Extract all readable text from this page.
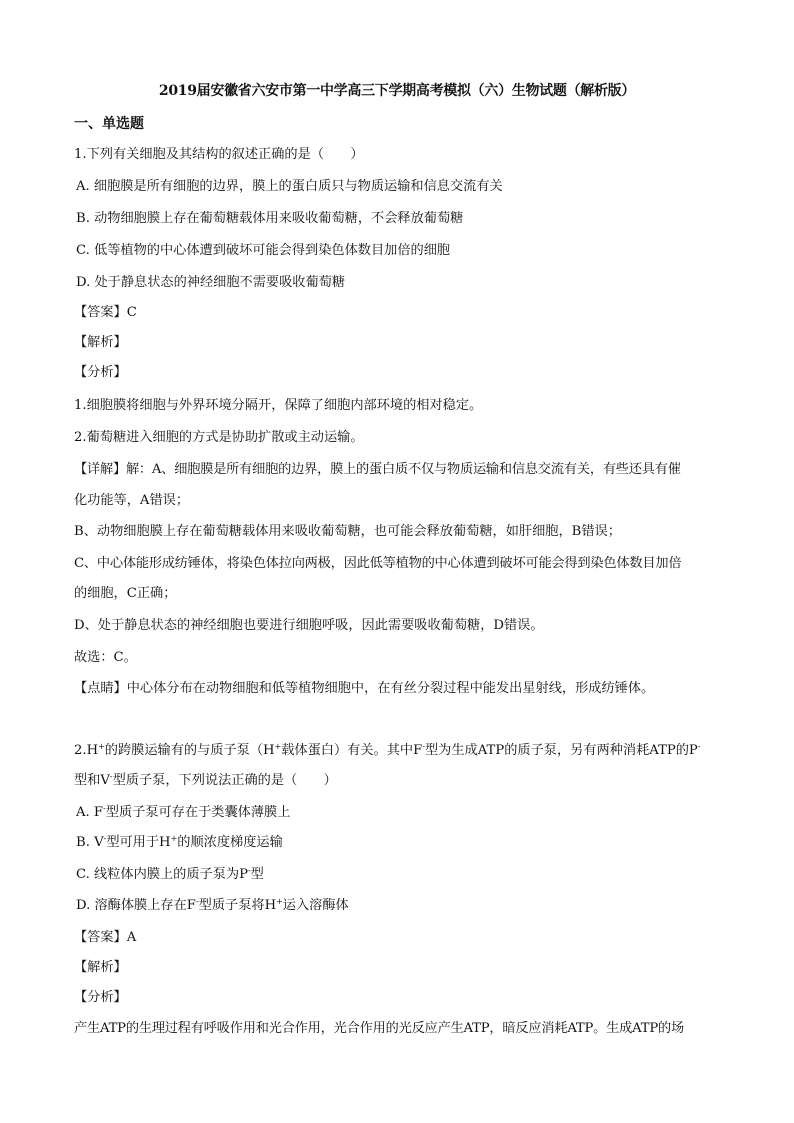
2019届安徽省六安市第一中学高三下学期高考模拟（六）生物试题（解析版）
一、单选题
1.下列有关细胞及其结构的叙述正确的是（　　）
A. 细胞膜是所有细胞的边界，膜上的蛋白质只与物质运输和信息交流有关
B. 动物细胞膜上存在葡萄糖载体用来吸收葡萄糖，不会释放葡萄糖
C. 低等植物的中心体遭到破坏可能会得到染色体数目加倍的细胞
D. 处于静息状态的神经细胞不需要吸收葡萄糖
【答案】C
【解析】
【分析】
1.细胞膜将细胞与外界环境分隔开，保障了细胞内部环境的相对稳定。
2.葡萄糖进入细胞的方式是协助扩散或主动运输。
【详解】解：A、细胞膜是所有细胞的边界，膜上的蛋白质不仅与物质运输和信息交流有关，有些还具有催
化功能等，A错误；
B、动物细胞膜上存在葡萄糖载体用来吸收葡萄糖，也可能会释放葡萄糖，如肝细胞，B错误；
C、中心体能形成纺锤体，将染色体拉向两极，因此低等植物的中心体遭到破坏可能会得到染色体数目加倍
的细胞，C正确；
D、处于静息状态的神经细胞也要进行细胞呼吸，因此需要吸收葡萄糖，D错误。
故选：C。
【点睛】中心体分布在动物细胞和低等植物细胞中，在有丝分裂过程中能发出星射线，形成纺锤体。
2.H+的跨膜运输有的与质子泵（H+载体蛋白）有关。其中F-型为生成ATP的质子泵，另有两种消耗ATP的P-
型和V-型质子泵，下列说法正确的是（　　）
A. F-型质子泵可存在于类囊体薄膜上
B. V-型可用于H+的顺浓度梯度运输
C. 线粒体内膜上的质子泵为P-型
D. 溶酶体膜上存在F-型质子泵将H+运入溶酶体
【答案】A
【解析】
【分析】
产生ATP的生理过程有呼吸作用和光合作用，光合作用的光反应产生ATP，暗反应消耗ATP。生成ATP的场
